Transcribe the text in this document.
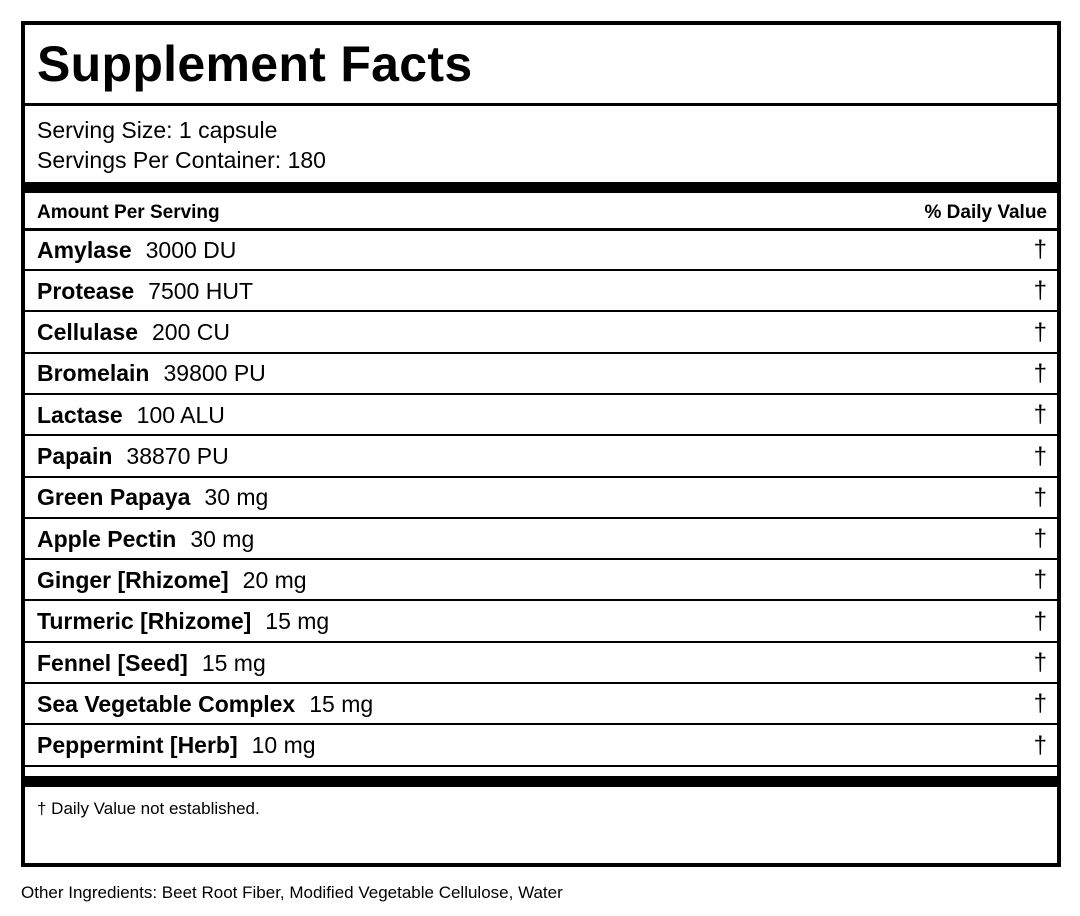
Supplement Facts
Serving Size: 1 capsule
Servings Per Container: 180
Amount Per Serving	% Daily Value
Amylase 3000 DU	†
Protease 7500 HUT	†
Cellulase 200 CU	†
Bromelain 39800 PU	†
Lactase 100 ALU	†
Papain 38870 PU	†
Green Papaya 30 mg	†
Apple Pectin 30 mg	†
Ginger [Rhizome] 20 mg	†
Turmeric [Rhizome] 15 mg	†
Fennel [Seed] 15 mg	†
Sea Vegetable Complex 15 mg	†
Peppermint [Herb] 10 mg	†
† Daily Value not established.
Other Ingredients: Beet Root Fiber, Modified Vegetable Cellulose, Water
